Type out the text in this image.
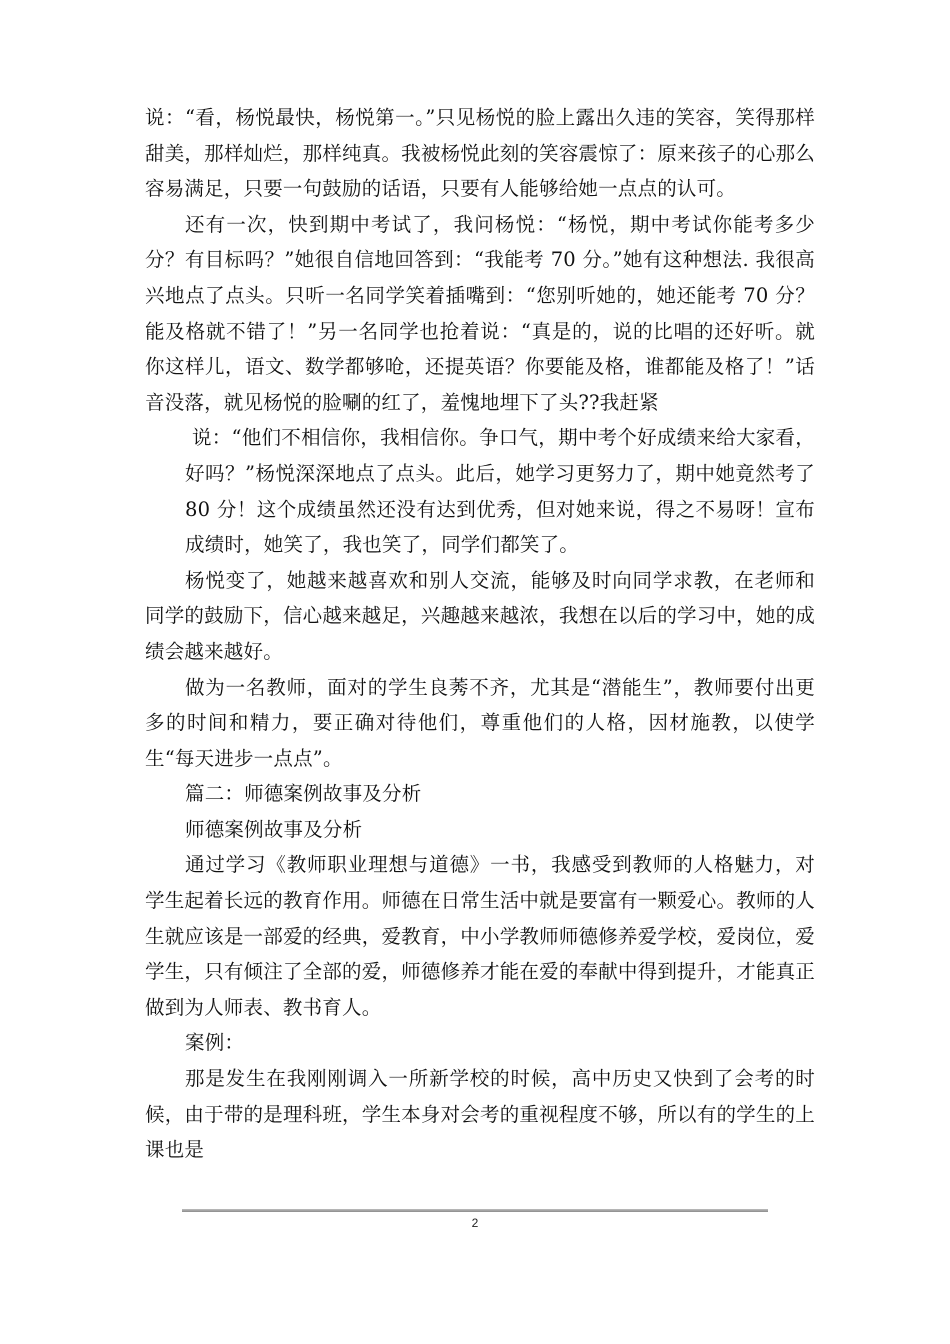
说：“看，杨悦最快，杨悦第一。”只见杨悦的脸上露出久违的笑容，笑得那样甜美，那样灿烂，那样纯真。我被杨悦此刻的笑容震惊了：原来孩子的心那么容易满足，只要一句鼓励的话语，只要有人能够给她一点点的认可。

还有一次，快到期中考试了，我问杨悦：“杨悦，期中考试你能考多少分？有目标吗？”她很自信地回答到：“我能考 70 分。”她有这种想法. 我很高兴地点了点头。只听一名同学笑着插嘴到：“您别听她的，她还能考 70 分？能及格就不错了！”另一名同学也抢着说：“真是的，说的比唱的还好听。就你这样儿，语文、数学都够呛，还提英语？你要能及格，谁都能及格了！”话音没落，就见杨悦的脸唰的红了，羞愧地埋下了头??我赶紧

说：“他们不相信你，我相信你。争口气，期中考个好成绩来给大家看，好吗？”杨悦深深地点了点头。此后，她学习更努力了，期中她竟然考了 80 分！这个成绩虽然还没有达到优秀，但对她来说，得之不易呀！宣布成绩时，她笑了，我也笑了，同学们都笑了。

杨悦变了，她越来越喜欢和别人交流，能够及时向同学求教，在老师和同学的鼓励下，信心越来越足，兴趣越来越浓，我想在以后的学习中，她的成绩会越来越好。

做为一名教师，面对的学生良莠不齐，尤其是“潜能生”，教师要付出更多的时间和精力，要正确对待他们，尊重他们的人格，因材施教，以使学生“每天进步一点点”。

篇二：师德案例故事及分析

师德案例故事及分析

通过学习《教师职业理想与道德》一书，我感受到教师的人格魅力，对学生起着长远的教育作用。师德在日常生活中就是要富有一颗爱心。教师的人生就应该是一部爱的经典，爱教育，中小学教师师德修养爱学校，爱岗位，爱学生，只有倾注了全部的爱，师德修养才能在爱的奉献中得到提升，才能真正做到为人师表、教书育人。

案例：

那是发生在我刚刚调入一所新学校的时候，高中历史又快到了会考的时候，由于带的是理科班，学生本身对会考的重视程度不够，所以有的学生的上课也是

2
